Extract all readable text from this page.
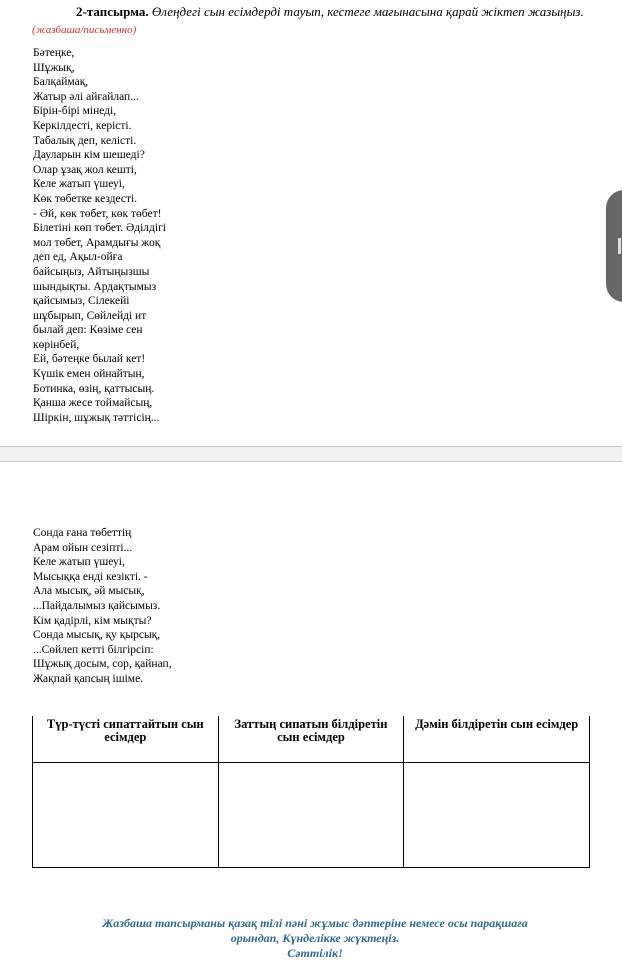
2-тапсырма. Өлеңдегі сын есімдерді тауып, кестеге мағынасына қарай жіктеп жазыңыз. (жазбаша/письменно)
Бәтеңке,
Шұжық,
Балқаймақ,
Жатыр әлі айғайлап...
Бірін-бірі мінеді,
Керкілдесті, керісті.
Табалық деп, келісті.
Дауларын кім шешеді?
Олар ұзақ жол кешті,
Келе жатып үшеуі,
Көк төбетке кездесті.
- Әй, көк төбет, көк төбет!
Білетіні көп төбет. Әділдігі
мол төбет, Арамдығы жоқ
деп ед, Ақыл-ойға
байсыңыз, Айтыңызшы
шындықты. Ардақтымыз
қайсымыз, Сілекейі
шұбырып, Сөйлейді ит
былай деп: Көзіме сен
көрінбей,
Ей, бәтеңке былай кет!
Күшік емен ойнайтын,
Ботинка, өзің, қаттысың.
Қанша жесе тоймайсың,
Шіркін, шұжық тәттісің...
Сонда ғана төбеттің
Арам ойын сезіпті...
Келе жатып үшеуі,
Мысыққа енді кезікті. -
Ала мысық, әй мысық,
...Пайдалымыз қайсымыз.
Кім қадірлі, кім мықты?
Сонда мысық, қу қырсық,
...Сөйлеп кетті білгірсіп:
Шұжық досым, сор, қайнап,
Жақпай қапсың ішіме.
Түр-түсті сипаттайтын сын есімдер	Заттың сипатын білдіретін сын есімдер	Дәмін білдіретін сын есімдер

Жазбаша тапсырманы қазақ тілі пәні жұмыс дәптеріне немесе осы парақшаға
орындап, Күнделікке жүктеңіз.
Сәттілік!
